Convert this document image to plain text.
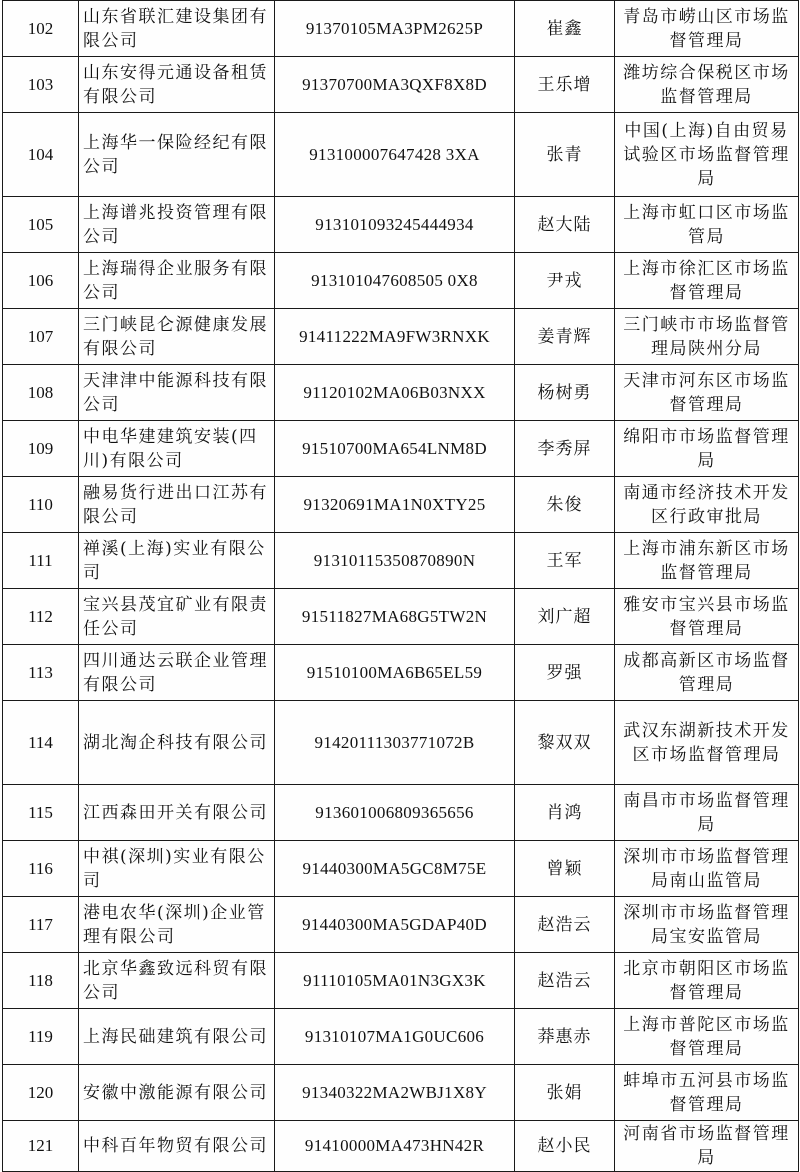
102	山东省联汇建设集团有限公司	91370105MA3PM2625P	崔鑫	青岛市崂山区市场监督管理局
103	山东安得元通设备租赁有限公司	91370700MA3QXF8X8D	王乐增	潍坊综合保税区市场监督管理局
104	上海华一保险经纪有限公司	913100007647428 3XA	张青	中国(上海)自由贸易试验区市场监督管理局
105	上海谱兆投资管理有限公司	913101093245444934	赵大陆	上海市虹口区市场监管局
106	上海瑞得企业服务有限公司	913101047608505 0X8	尹戎	上海市徐汇区市场监督管理局
107	三门峡昆仑源健康发展有限公司	91411222MA9FW3RNXK	姜青辉	三门峡市市场监督管理局陕州分局
108	天津津中能源科技有限公司	91120102MA06B03NXX	杨树勇	天津市河东区市场监督管理局
109	中电华建建筑安装(四川)有限公司	91510700MA654LNM8D	李秀屏	绵阳市市场监督管理局
110	融易货行进出口江苏有限公司	91320691MA1N0XTY25	朱俊	南通市经济技术开发区行政审批局
111	禅溪(上海)实业有限公司	91310115350870890N	王军	上海市浦东新区市场监督管理局
112	宝兴县茂宜矿业有限责任公司	91511827MA68G5TW2N	刘广超	雅安市宝兴县市场监督管理局
113	四川通达云联企业管理有限公司	91510100MA6B65EL59	罗强	成都高新区市场监督管理局
114	湖北淘企科技有限公司	91420111303771072B	黎双双	武汉东湖新技术开发区市场监督管理局
115	江西森田开关有限公司	913601006809365656	肖鸿	南昌市市场监督管理局
116	中祺(深圳)实业有限公司	91440300MA5GC8M75E	曾颖	深圳市市场监督管理局南山监管局
117	港电农华(深圳)企业管理有限公司	91440300MA5GDAP40D	赵浩云	深圳市市场监督管理局宝安监管局
118	北京华鑫致远科贸有限公司	91110105MA01N3GX3K	赵浩云	北京市朝阳区市场监督管理局
119	上海民础建筑有限公司	91310107MA1G0UC606	莽惠赤	上海市普陀区市场监督管理局
120	安徽中激能源有限公司	91340322MA2WBJ1X8Y	张娟	蚌埠市五河县市场监督管理局
121	中科百年物贸有限公司	91410000MA473HN42R	赵小民	河南省市场监督管理局
